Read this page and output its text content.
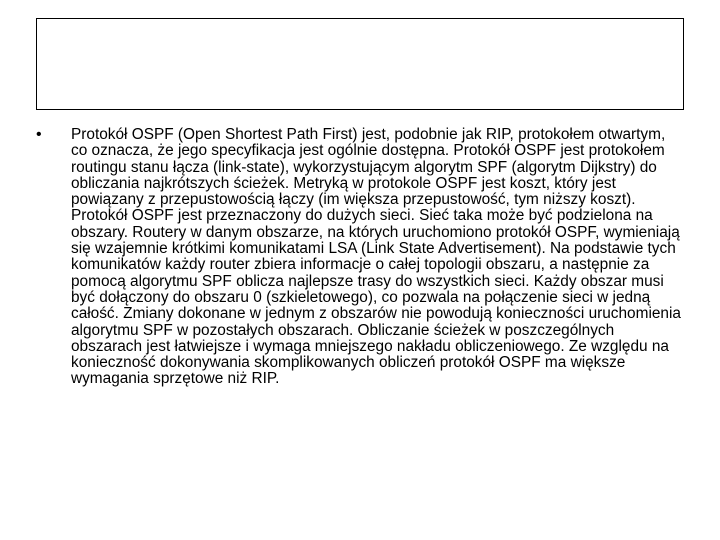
•	Protokół OSPF (Open Shortest Path First) jest, podobnie jak RIP, protokołem otwartym, co oznacza, że jego specyfikacja jest ogólnie dostępna. Protokół OSPF jest protokołem routingu stanu łącza (link-state), wykorzystującym algorytm SPF (algorytm Dijkstry) do obliczania najkrótszych ścieżek. Metryką w protokole OSPF jest koszt, który jest powiązany z przepustowością łączy (im większa przepustowość, tym niższy koszt). Protokół OSPF jest przeznaczony do dużych sieci. Sieć taka może być podzielona na obszary. Routery w danym obszarze, na których uruchomiono protokół OSPF, wymieniają się wzajemnie krótkimi komunikatami LSA (Link State Advertisement). Na podstawie tych komunikatów każdy router zbiera informacje o całej topologii obszaru, a następnie za pomocą algorytmu SPF oblicza najlepsze trasy do wszystkich sieci. Każdy obszar musi być dołączony do obszaru 0 (szkieletowego), co pozwala na połączenie sieci w jedną całość. Zmiany dokonane w jednym z obszarów nie powodują konieczności uruchomienia algorytmu SPF w pozostałych obszarach. Obliczanie ścieżek w poszczególnych obszarach jest łatwiejsze i wymaga mniejszego nakładu obliczeniowego. Ze względu na konieczność dokonywania skomplikowanych obliczeń protokół OSPF ma większe wymagania sprzętowe niż RIP.
